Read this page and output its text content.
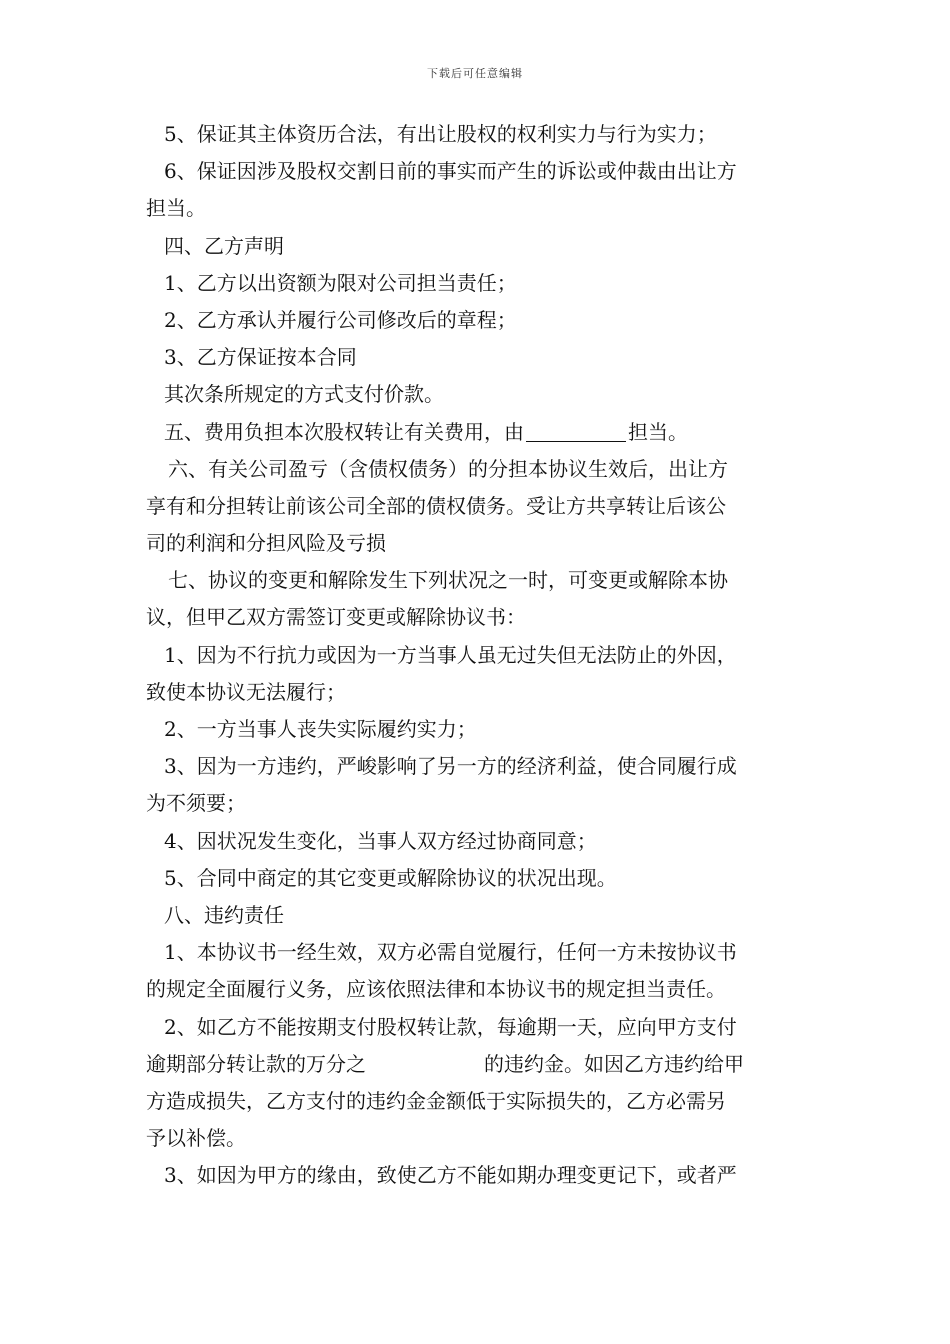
下载后可任意编辑
5、保证其主体资历合法，有出让股权的权利实力与行为实力；
6、保证因涉及股权交割日前的事实而产生的诉讼或仲裁由出让方
担当。
四、乙方声明
1、乙方以出资额为限对公司担当责任；
2、乙方承认并履行公司修改后的章程；
3、乙方保证按本合同
其次条所规定的方式支付价款。
五、费用负担本次股权转让有关费用，由	担当。
六、有关公司盈亏（含债权债务）的分担本协议生效后，出让方
享有和分担转让前该公司全部的债权债务。受让方共享转让后该公
司的利润和分担风险及亏损
七、协议的变更和解除发生下列状况之一时，可变更或解除本协
议，但甲乙双方需签订变更或解除协议书：
1、因为不行抗力或因为一方当事人虽无过失但无法防止的外因，
致使本协议无法履行；
2、一方当事人丧失实际履约实力；
3、因为一方违约，严峻影响了另一方的经济利益，使合同履行成
为不须要；
4、因状况发生变化，当事人双方经过协商同意；
5、合同中商定的其它变更或解除协议的状况出现。
八、违约责任
1、本协议书一经生效，双方必需自觉履行，任何一方未按协议书
的规定全面履行义务，应该依照法律和本协议书的规定担当责任。
2、如乙方不能按期支付股权转让款，每逾期一天，应向甲方支付
逾期部分转让款的万分之	的违约金。如因乙方违约给甲
方造成损失，乙方支付的违约金金额低于实际损失的，乙方必需另
予以补偿。
3、如因为甲方的缘由，致使乙方不能如期办理变更记下，或者严
